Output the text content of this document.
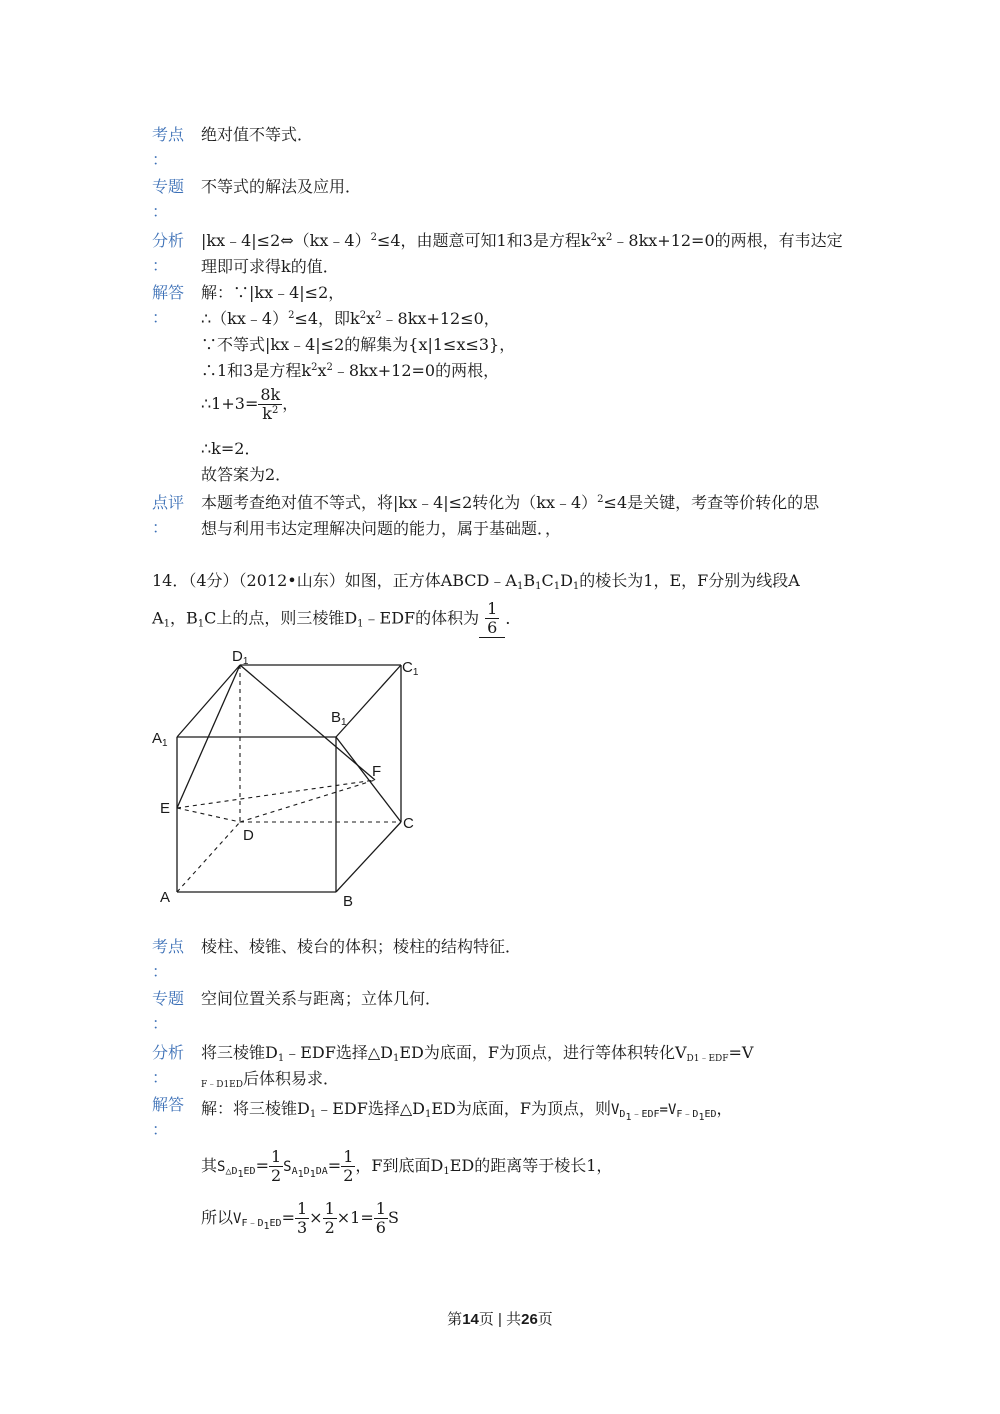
考点
：
绝对值不等式．
专题
：
不等式的解法及应用．
分析
：
|kx﹣4|≤2⇔（kx﹣4）$^2$≤4，由题意可知1和3是方程$k^2x^2﹣8kx+12=0$的两根，有韦达定
理即可求得k的值．
解答
：
解：∵|kx﹣4|≤2，
∴（kx﹣4）$^2$≤4，即$k^2x^2﹣8kx+12\le 0$，
∵不等式|kx﹣4|≤2的解集为{x|1≤x≤3}，
∴1和3是方程$k^2x^2﹣8kx+12=0$的两根，
∴1+3= $\frac{8k}{k^2}$ ，
∴k=2．
故答案为2．
点评
：
本题考查绝对值不等式，将|kx﹣4|≤2转化为（kx﹣4）$^2$≤4是关键，考查等价转化的思
想与利用韦达定理解决问题的能力，属于基础题．，
14．（4分）（2012•山东）如图，正方体$ABCD﹣A_1B_1C_1D_1$的棱长为1，E，F分别为线段A
$A_1$，$B_1C$上的点，则三棱锥$D_1﹣EDF$的体积为 $\frac{1}{6}$ ．
$D_1$	$C_1$
$B_1$
$A_1$
F
E
D
C
A	B
考点
：
棱柱、棱锥、棱台的体积；棱柱的结构特征．
专题
：
空间位置关系与距离；立体几何．
分析
：
将三棱锥$D_1﹣EDF$选择$\triangle D_1ED$为底面，F为顶点，进行等体积转化$V_{D1﹣EDF}=V$
$_{F﹣D1ED}$后体积易求．
解答
：
解：将三棱锥$D_1﹣EDF$选择$\triangle D_1ED$为底面，F为顶点，则$V_{D_1﹣EDF}=V_{F﹣D_1ED}$，
其$S_{\triangle D_1ED}= \frac{1}{2} S_{A_1D_1DA}= \frac{1}{2}$ ，F到底面$D_1ED$的距离等于棱长1，
所以$V_{F﹣D_1ED}= \frac{1}{3} \times \frac{1}{2} \times 1= \frac{1}{6}$ S
第14页 | 共26页
